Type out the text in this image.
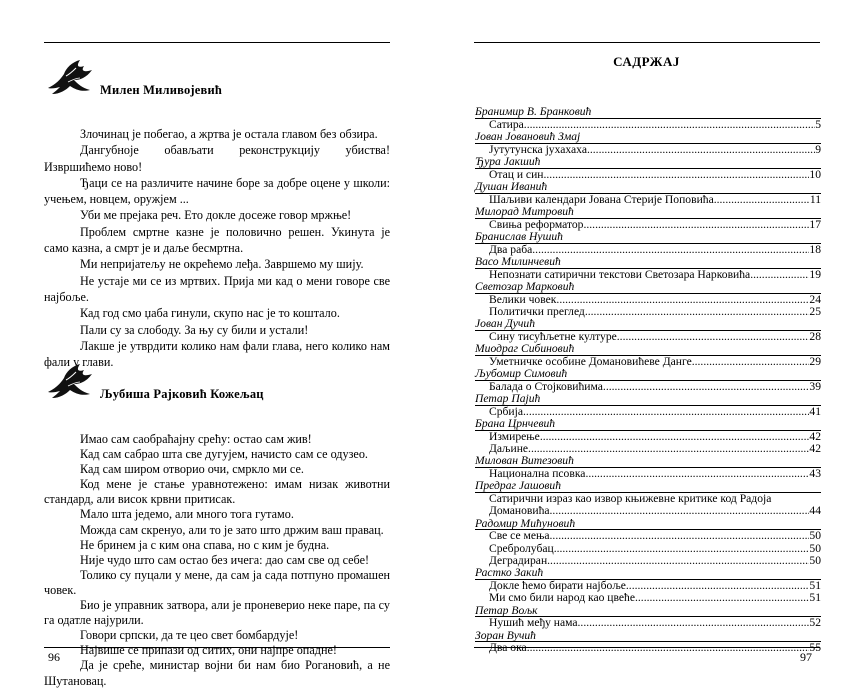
Милен Миливојевић

Злочинац је побегао, а жртва је остала главом без обзира.

Дангубноје обављати реконструкцију убиства! Извршићемо ново!

Ђаци се на различите начине боре за добре оцене у школи: учењем, новцем, оружјем ...

Уби ме прејака реч. Ето докле досеже говор мржње!

Проблем смртне казне је половично решен. Укинута је само казна, а смрт је и даље бесмртна.

Ми непријатељу не окрећемо леђа. Завршемо му шију.

Не устаје ми се из мртвих. Прија ми кад о мени говоре све најбоље.

Кад год смо џаба гинули, скупо нас је то коштало.

Пали су за слободу. За њу су били и устали!

Лакше је утврдити колико нам фали глава, него колико нам фали у глави.

Љубиша Рајковић Кожељац

Имао сам саобраћајну срећу: остао сам жив!

Кад сам сабрао шта све дугујем, начисто сам се одузео.

Кад сам широм отворио очи, смркло ми се.

Код мене је стање уравнотежено: имам низак животни стандард, али висок крвни притисак.

Мало шта једемо, али много тога гутамо.

Можда сам скренуо, али то је зато што држим ваш правац.

Не бринем ја с ким она спава, но с ким је будна.

Није чудо што сам остао без ичега: дао сам све од себе!

Толико су пуцали у мене, да сам ја сада потпуно промашен човек.

Био је управник затвора, али је проневерио неке паре, па су га одатле најурили.

Говори српски, да те цео свет бомбардује!

Највише се припази од ситих, они најпре опадне!

Да је среће, министар војни би нам био Рогановић, а не Шутановац.

96
САДРЖАЈ
Бранимир В. Бранковић
Сатира .....	5
Јован Јовановић Змај
Јутутунска јухахаха .....	9
Ђура Јакшић
Отац и син .....	10
Душан Иванић
Шаљиви календари Јована Стерије Поповића .....	11
Милорад Митровић
Свиња реформатор .....	17
Бранислав Нушић
Два раба .....	18
Васо Милинчевић
Непознати сатирични текстови Светозара Нарковића .....	19
Светозар Марковић
Велики човек .....	24
Политички преглед .....	25
Јован Дучић
Сину тисућљетне културе .....	28
Миодраг Сибиновић
Уметничке особине Домановићеве Данге .....	29
Љубомир Симовић
Балада о Стојковићима .....	39
Петар Пајић
Србија .....	41
Брана Црнчевић
Измирење .....	42
Даљине .....	42
Милован Витезовић
Национална псовка .....	43
Предраг Јашовић
Сатирични израз као извор књижевне критике код Радоја
Домановића .....	44
Радомир Мићуновић
Све се мења .....	50
Сребролубац .....	50
Деградиран .....	50
Растко Закић
Докле ћемо бирати најбоље .....	51
Ми смо били народ као цвеће .....	51
Петар Вољк
Нушић међу нама .....	52
Зоран Вучић
Два ока .....	55
97
